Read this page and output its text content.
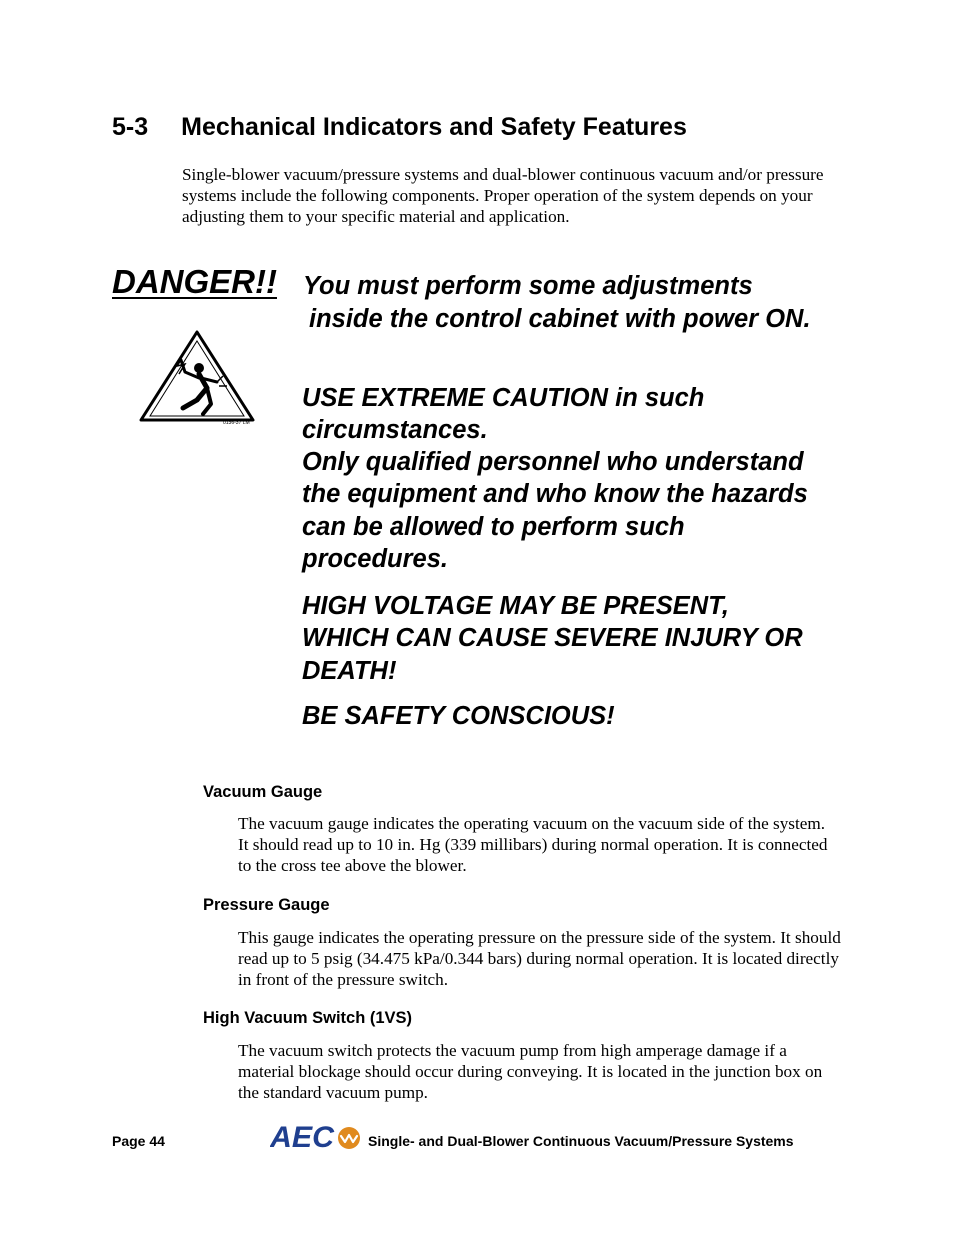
5-3 Mechanical Indicators and Safety Features

Single-blower vacuum/pressure systems and dual-blower continuous vacuum and/or pressure systems include the following components. Proper operation of the system depends on your adjusting them to your specific material and application.

DANGER!! You must perform some adjustments
inside the control cabinet with power ON.
0136-37 LM
USE EXTREME CAUTION in such circumstances.
Only qualified personnel who understand the equipment and who know the hazards can be allowed to perform such procedures.
HIGH VOLTAGE MAY BE PRESENT, WHICH CAN CAUSE SEVERE INJURY OR DEATH!
BE SAFETY CONSCIOUS!
Vacuum Gauge

The vacuum gauge indicates the operating vacuum on the vacuum side of the system. It should read up to 10 in. Hg (339 millibars) during normal operation. It is connected to the cross tee above the blower.

Pressure Gauge

This gauge indicates the operating pressure on the pressure side of the system. It should read up to 5 psig (34.475 kPa/0.344 bars) during normal operation. It is located directly in front of the pressure switch.

High Vacuum Switch (1VS)

The vacuum switch protects the vacuum pump from high amperage damage if a material blockage should occur during conveying. It is located in the junction box on the standard vacuum pump.

Page 44	AEC Single- and Dual-Blower Continuous Vacuum/Pressure Systems
